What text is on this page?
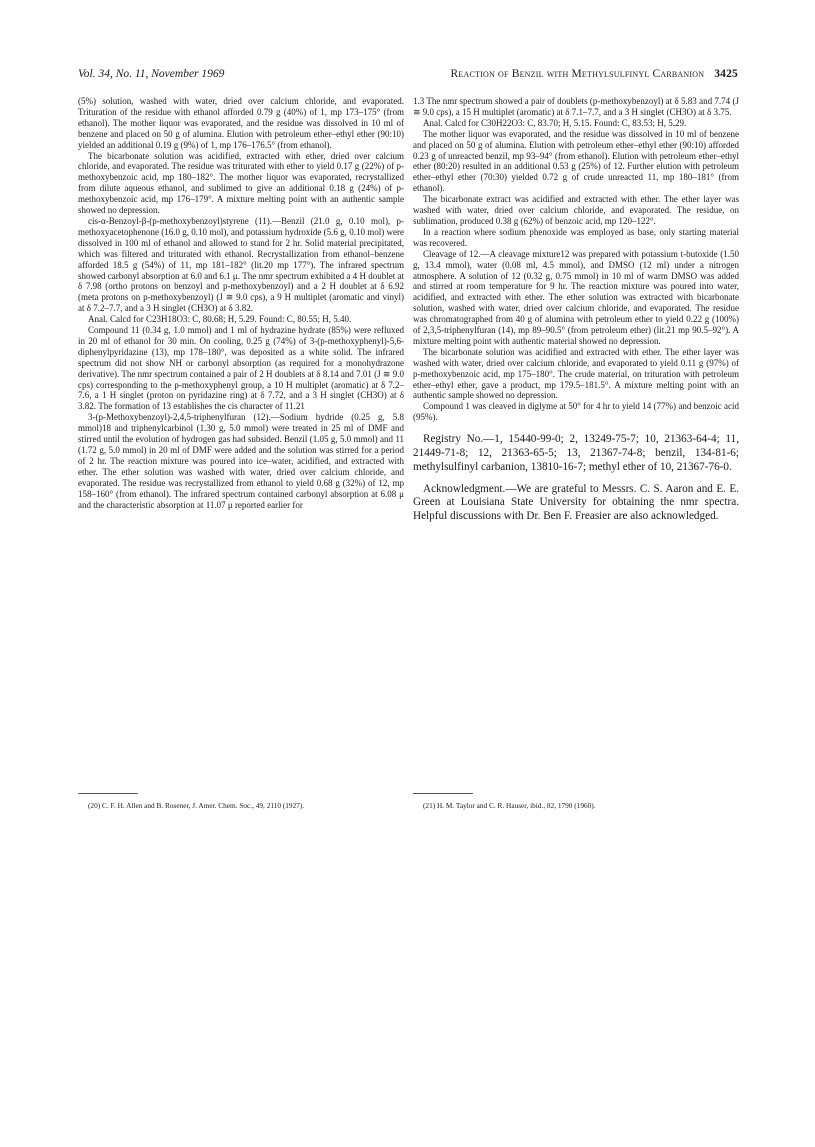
Vol. 34, No. 11, November 1969	Reaction of Benzil with Methylsulfinyl Carbanion 3425

(5%) solution, washed with water, dried over calcium chloride, and evaporated. Trituration of the residue with ethanol afforded 0.79 g (40%) of 1, mp 173–175° (from ethanol). The mother liquor was evaporated, and the residue was dissolved in 10 ml of benzene and placed on 50 g of alumina. Elution with petroleum ether–ethyl ether (90:10) yielded an additional 0.19 g (9%) of 1, mp 176–176.5° (from ethanol).

The bicarbonate solution was acidified, extracted with ether, dried over calcium chloride, and evaporated. The residue was triturated with ether to yield 0.17 g (22%) of p-methoxybenzoic acid, mp 180–182°. The mother liquor was evaporated, recrystallized from dilute aqueous ethanol, and sublimed to give an additional 0.18 g (24%) of p-methoxybenzoic acid, mp 176–179°. A mixture melting point with an authentic sample showed no depression.

cis-α-Benzoyl-β-(p-methoxybenzoyl)styrene (11).—Benzil (21.0 g, 0.10 mol), p-methoxyacetophenone (16.0 g, 0.10 mol), and potassium hydroxide (5.6 g, 0.10 mol) were dissolved in 100 ml of ethanol and allowed to stand for 2 hr. Solid material precipitated, which was filtered and triturated with ethanol. Recrystallization from ethanol–benzene afforded 18.5 g (54%) of 11, mp 181–182° (lit.20 mp 177°). The infrared spectrum showed carbonyl absorption at 6.0 and 6.1 μ. The nmr spectrum exhibited a 4 H doublet at δ 7.98 (ortho protons on benzoyl and p-methoxybenzoyl) and a 2 H doublet at δ 6.92 (meta protons on p-methoxybenzoyl) (J ≅ 9.0 cps), a 9 H multiplet (aromatic and vinyl) at δ 7.2–7.7, and a 3 H singlet (CH3O) at δ 3.82.

Anal. Calcd for C23H18O3: C, 80.68; H, 5.29. Found: C, 80.55; H, 5.40.

Compound 11 (0.34 g, 1.0 mmol) and 1 ml of hydrazine hydrate (85%) were refluxed in 20 ml of ethanol for 30 min. On cooling, 0.25 g (74%) of 3-(p-methoxyphenyl)-5,6-diphenylpyridazine (13), mp 178–180°, was deposited as a white solid. The infrared spectrum did not show NH or carbonyl absorption (as required for a monohydrazone derivative). The nmr spectrum contained a pair of 2 H doublets at δ 8.14 and 7.01 (J ≅ 9.0 cps) corresponding to the p-methoxyphenyl group, a 10 H multiplet (aromatic) at δ 7.2–7.6, a 1 H singlet (proton on pyridazine ring) at δ 7.72, and a 3 H singlet (CH3O) at δ 3.82. The formation of 13 establishes the cis character of 11.21

3-(p-Methoxybenzoyl)-2,4,5-triphenylfuran (12).—Sodium hydride (0.25 g, 5.8 mmol)18 and triphenylcarbinol (1.30 g, 5.0 mmol) were treated in 25 ml of DMF and stirred until the evolution of hydrogen gas had subsided. Benzil (1.05 g, 5.0 mmol) and 11 (1.72 g, 5.0 mmol) in 20 ml of DMF were added and the solution was stirred for a period of 2 hr. The reaction mixture was poured into ice–water, acidified, and extracted with ether. The ether solution was washed with water, dried over calcium chloride, and evaporated. The residue was recrystallized from ethanol to yield 0.68 g (32%) of 12, mp 158–160° (from ethanol). The infrared spectrum contained carbonyl absorption at 6.08 μ and the characteristic absorption at 11.07 μ reported earlier for

1.3 The nmr spectrum showed a pair of doublets (p-methoxybenzoyl) at δ 5.83 and 7.74 (J ≅ 9.0 cps), a 15 H multiplet (aromatic) at δ 7.1–7.7, and a 3 H singlet (CH3O) at δ 3.75.

Anal. Calcd for C30H22O3: C, 83.70; H, 5.15. Found: C, 83.53; H, 5.29.

The mother liquor was evaporated, and the residue was dissolved in 10 ml of benzene and placed on 50 g of alumina. Elution with petroleum ether–ethyl ether (90:10) afforded 0.23 g of unreacted benzil, mp 93–94° (from ethanol). Elution with petroleum ether–ethyl ether (80:20) resulted in an additional 0.53 g (25%) of 12. Further elution with petroleum ether–ethyl ether (70:30) yielded 0.72 g of crude unreacted 11, mp 180–181° (from ethanol).

The bicarbonate extract was acidified and extracted with ether. The ether layer was washed with water, dried over calcium chloride, and evaporated. The residue, on sublimation, produced 0.38 g (62%) of benzoic acid, mp 120–122°.

In a reaction where sodium phenoxide was employed as base, only starting material was recovered.

Cleavage of 12.—A cleavage mixture12 was prepared with potassium t-butoxide (1.50 g, 13.4 mmol), water (0.08 ml, 4.5 mmol), and DMSO (12 ml) under a nitrogen atmosphere. A solution of 12 (0.32 g, 0.75 mmol) in 10 ml of warm DMSO was added and stirred at room temperature for 9 hr. The reaction mixture was poured into water, acidified, and extracted with ether. The ether solution was extracted with bicarbonate solution, washed with water, dried over calcium chloride, and evaporated. The residue was chromatographed from 40 g of alumina with petroleum ether to yield 0.22 g (100%) of 2,3,5-triphenylfuran (14), mp 89–90.5° (from petroleum ether) (lit.21 mp 90.5–92°). A mixture melting point with authentic material showed no depression.

The bicarbonate solution was acidified and extracted with ether. The ether layer was washed with water, dried over calcium chloride, and evaporated to yield 0.11 g (97%) of p-methoxybenzoic acid, mp 175–180°. The crude material, on trituration with petroleum ether–ethyl ether, gave a product, mp 179.5–181.5°. A mixture melting point with an authentic sample showed no depression.

Compound 1 was cleaved in diglyme at 50° for 4 hr to yield 14 (77%) and benzoic acid (95%).

Registry No.—1, 15440-99-0; 2, 13249-75-7; 10, 21363-64-4; 11, 21449-71-8; 12, 21363-65-5; 13, 21367-74-8; benzil, 134-81-6; methylsulfinyl carbanion, 13810-16-7; methyl ether of 10, 21367-76-0.

Acknowledgment.—We are grateful to Messrs. C. S. Aaron and E. E. Green at Louisiana State University for obtaining the nmr spectra. Helpful discussions with Dr. Ben F. Freasier are also acknowledged.

(20) C. F. H. Allen and B. Rosener, J. Amer. Chem. Soc., 49, 2110 (1927).	(21) H. M. Taylor and C. R. Hauser, ibid., 82, 1790 (1960).
